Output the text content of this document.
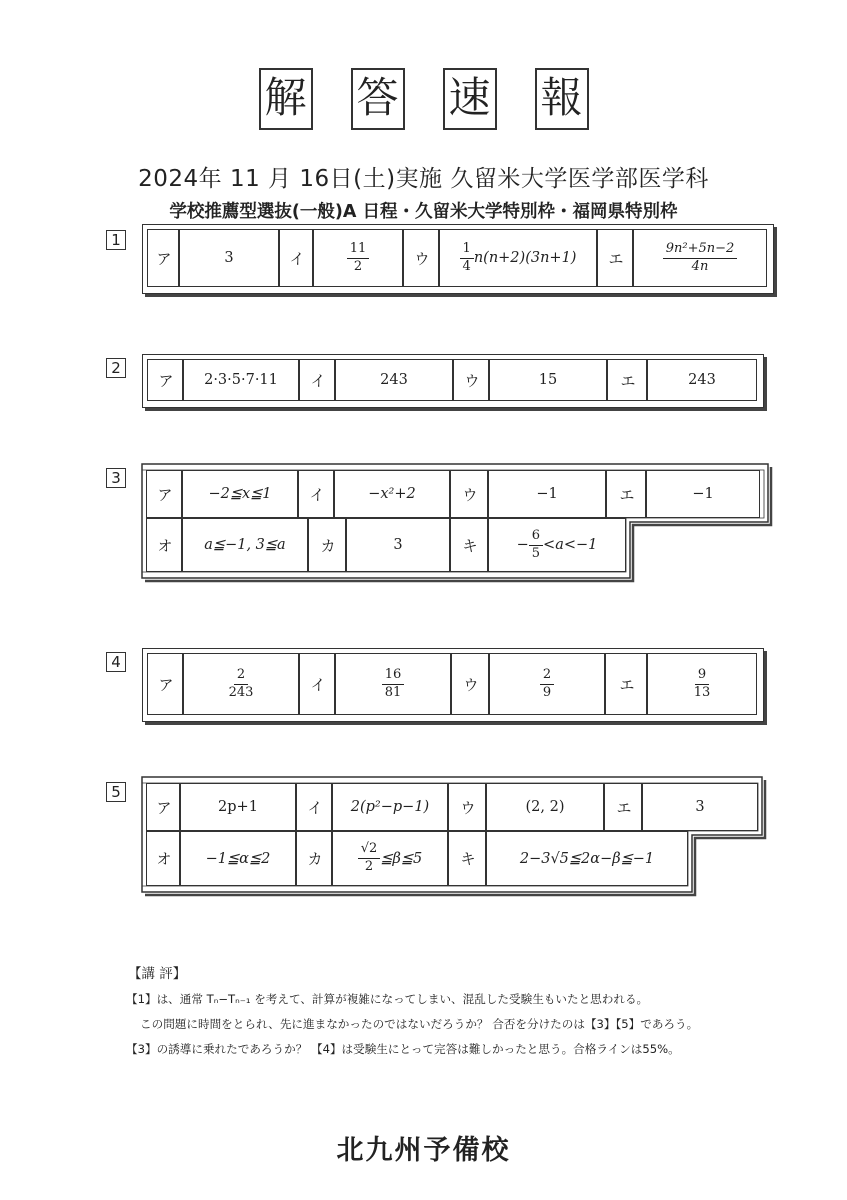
解 答 速 報
2024年 11 月 16日(土)実施 久留米大学医学部医学科
学校推薦型選抜(一般)A 日程・久留米大学特別枠・福岡県特別枠
1
ア	3	イ	$\frac{11}{2}$	ウ $\frac{1}{4} n(n+2)(3n+1)$ エ	$\frac{\text{9n²+5n−2}}{4n}$
2
ア 2·3·5·7·11 イ	243	ウ	15	エ	243
3
ア −2≦x≦1	イ	−x²+2	ウ	−1	エ	−1
オ a≦−1, 3≦a カ	3	キ	− $\frac{6}{5} <a<-1$
4
ア	$\frac{2}{243}$	イ	$\frac{16}{81}$	ウ	$\frac{2}{9}$	エ	$\frac{9}{13}$
5
ア	2p+1	イ 2(p²−p−1) ウ	(2, 2)	エ	3
オ −1≦α≦2 カ	$\frac{√2}{2}$ ≦β≦5	キ	2−3√5≦2α−β≦−1
【講 評】
【1】は、通常 Tₙ−Tₙ₋₁ を考えて、計算が複雑になってしまい、混乱した受験生もいたと思われる。
この問題に時間をとられ、先に進まなかったのではないだろうか？ 合否を分けたのは【3】【5】であろう。
【3】の誘導に乗れたであろうか？ 【4】は受験生にとって完答は難しかったと思う。合格ラインは55%。
北九州予備校
